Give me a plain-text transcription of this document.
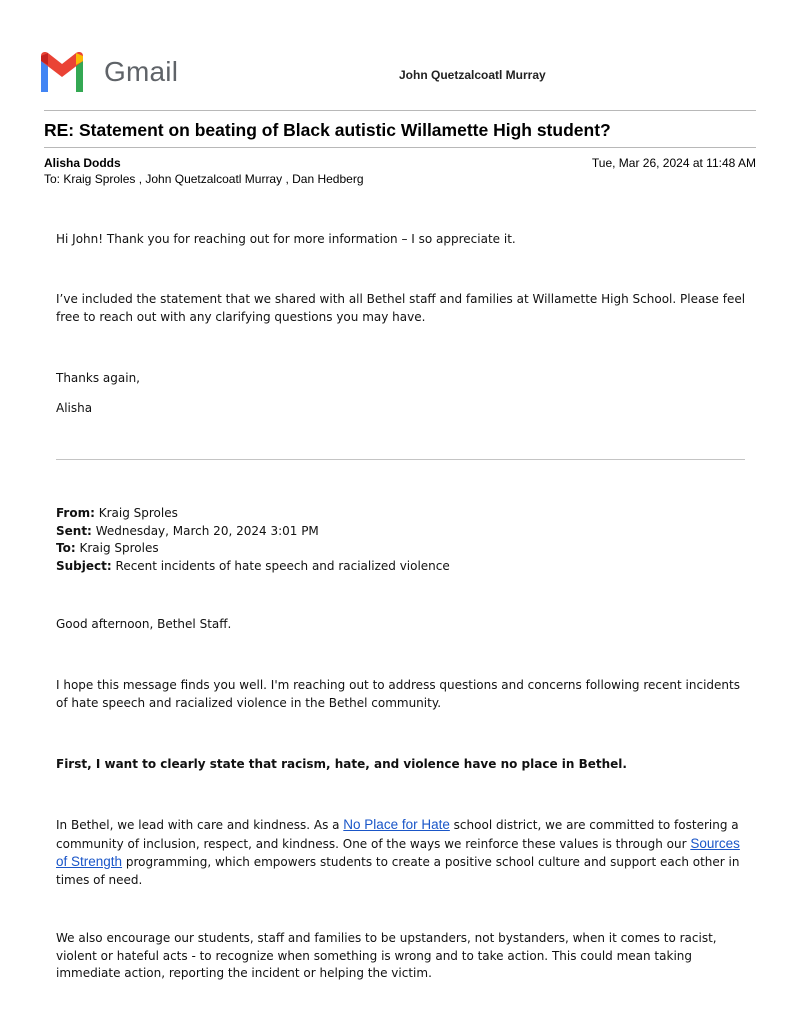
Gmail	John Quetzalcoatl Murray
RE: Statement on beating of Black autistic Willamette High student?
Alisha Dodds	Tue, Mar 26, 2024 at 11:48 AM
To: Kraig Sproles , John Quetzalcoatl Murray , Dan Hedberg

Hi John! Thank you for reaching out for more information – I so appreciate it.

I’ve included the statement that we shared with all Bethel staff and families at Willamette High School. Please feel free to reach out with any clarifying questions you may have.

Thanks again,

Alisha

From: Kraig Sproles
Sent: Wednesday, March 20, 2024 3:01 PM
To: Kraig Sproles
Subject: Recent incidents of hate speech and racialized violence

Good afternoon, Bethel Staff.

I hope this message finds you well. I'm reaching out to address questions and concerns following recent incidents of hate speech and racialized violence in the Bethel community.

First, I want to clearly state that racism, hate, and violence have no place in Bethel.

In Bethel, we lead with care and kindness. As a No Place for Hate school district, we are committed to fostering a community of inclusion, respect, and kindness. One of the ways we reinforce these values is through our Sources of Strength programming, which empowers students to create a positive school culture and support each other in times of need.

We also encourage our students, staff and families to be upstanders, not bystanders, when it comes to racist, violent or hateful acts - to recognize when something is wrong and to take action. This could mean taking immediate action, reporting the incident or helping the victim.
